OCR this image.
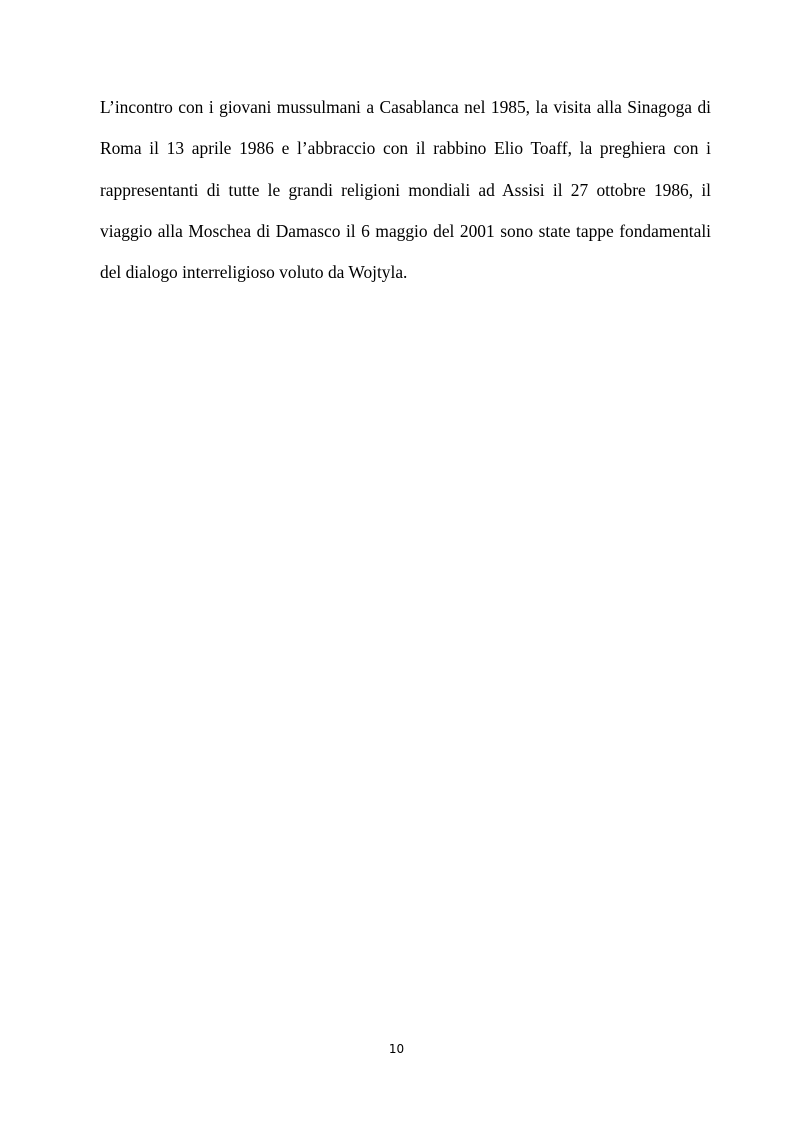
L’incontro con i giovani mussulmani a Casablanca nel 1985, la visita alla Sinagoga di Roma il 13 aprile 1986 e l’abbraccio con il rabbino Elio Toaff, la preghiera con i rappresentanti di tutte le grandi religioni mondiali ad Assisi il 27 ottobre 1986, il viaggio alla Moschea di Damasco il 6 maggio del 2001 sono state tappe fondamentali del dialogo interreligioso voluto da Wojtyla.

10
